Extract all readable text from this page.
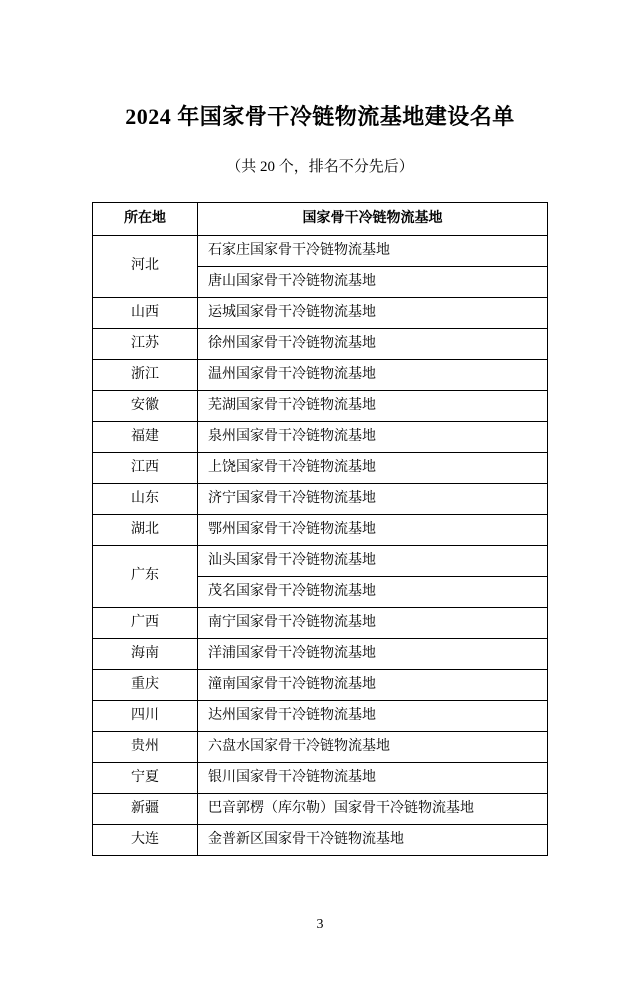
2024 年国家骨干冷链物流基地建设名单
（共 20 个，排名不分先后）
所在地	国家骨干冷链物流基地
河北	石家庄国家骨干冷链物流基地
	唐山国家骨干冷链物流基地
山西	运城国家骨干冷链物流基地
江苏	徐州国家骨干冷链物流基地
浙江	温州国家骨干冷链物流基地
安徽	芜湖国家骨干冷链物流基地
福建	泉州国家骨干冷链物流基地
江西	上饶国家骨干冷链物流基地
山东	济宁国家骨干冷链物流基地
湖北	鄂州国家骨干冷链物流基地
广东	汕头国家骨干冷链物流基地
	茂名国家骨干冷链物流基地
广西	南宁国家骨干冷链物流基地
海南	洋浦国家骨干冷链物流基地
重庆	潼南国家骨干冷链物流基地
四川	达州国家骨干冷链物流基地
贵州	六盘水国家骨干冷链物流基地
宁夏	银川国家骨干冷链物流基地
新疆	巴音郭楞（库尔勒）国家骨干冷链物流基地
大连	金普新区国家骨干冷链物流基地
3
